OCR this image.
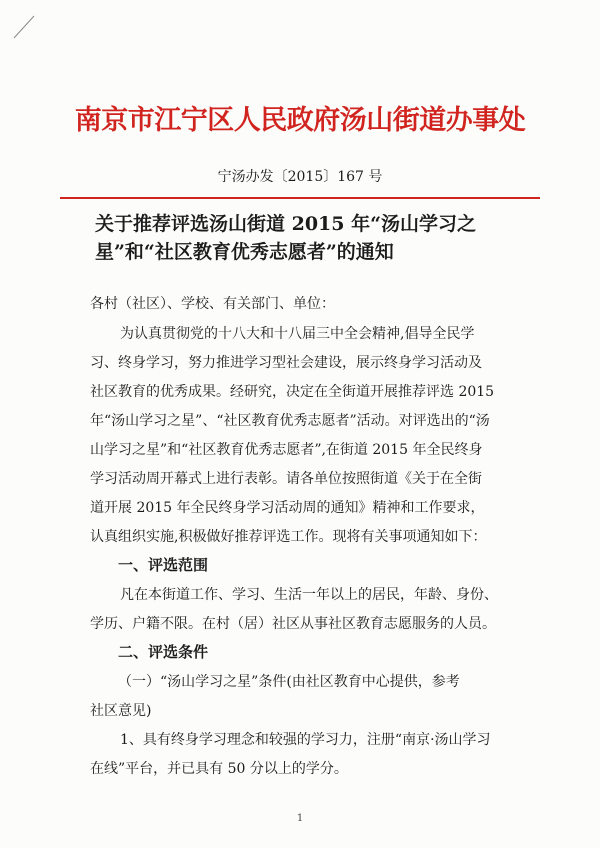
南京市江宁区人民政府汤山街道办事处
宁汤办发〔2015〕167 号
关于推荐评选汤山街道 2015 年“汤山学习之
星”和“社区教育优秀志愿者”的通知
各村（社区）、学校、有关部门、单位：
为认真贯彻党的十八大和十八届三中全会精神,倡导全民学
习、终身学习，努力推进学习型社会建设，展示终身学习活动及
社区教育的优秀成果。经研究，决定在全街道开展推荐评选 2015
年“汤山学习之星”、“社区教育优秀志愿者”活动。对评选出的“汤
山学习之星”和“社区教育优秀志愿者”,在街道 2015 年全民终身
学习活动周开幕式上进行表彰。请各单位按照街道《关于在全街
道开展 2015 年全民终身学习活动周的通知》精神和工作要求，
认真组织实施,积极做好推荐评选工作。现将有关事项通知如下：
一、评选范围
凡在本街道工作、学习、生活一年以上的居民，年龄、身份、
学历、户籍不限。在村（居）社区从事社区教育志愿服务的人员。
二、评选条件
（一）“汤山学习之星”条件(由社区教育中心提供，参考
社区意见)
1、具有终身学习理念和较强的学习力，注册“南京·汤山学习
在线”平台，并已具有 50 分以上的学分。
1
